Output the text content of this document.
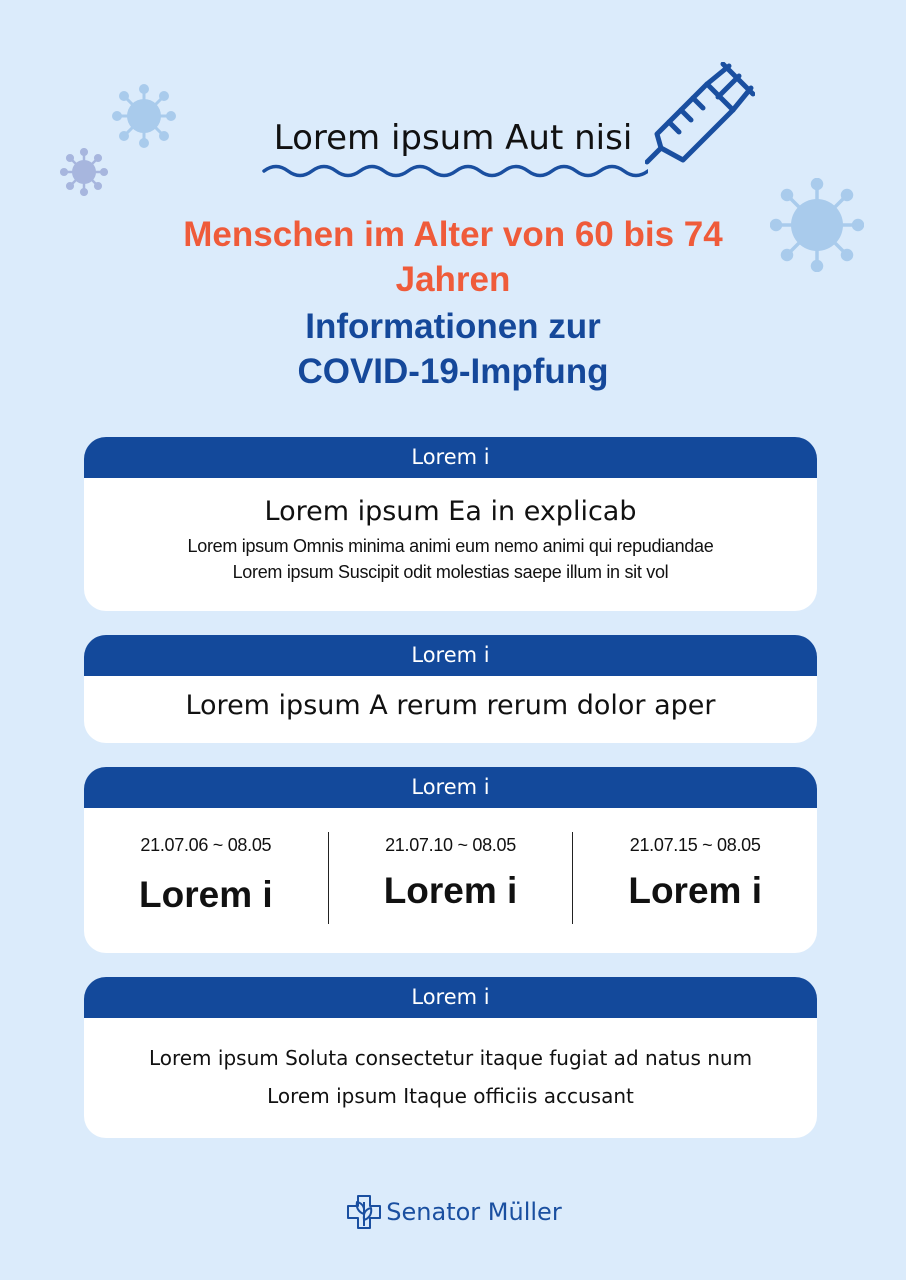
Lorem ipsum Aut nisi
Menschen im Alter von 60 bis 74
Jahren
Informationen zur
COVID-19-Impfung
Lorem i
Lorem ipsum Ea in explicab
Lorem ipsum Omnis minima animi eum nemo animi qui repudiandae
Lorem ipsum Suscipit odit molestias saepe illum in sit vol
Lorem i
Lorem ipsum A rerum rerum dolor aper
Lorem i
21.07.06 ~ 08.05
Lorem i
21.07.10 ~ 08.05
Lorem i
21.07.15 ~ 08.05
Lorem i
Lorem i
Lorem ipsum Soluta consectetur itaque fugiat ad natus num
Lorem ipsum Itaque officiis accusant
Senator Müller
